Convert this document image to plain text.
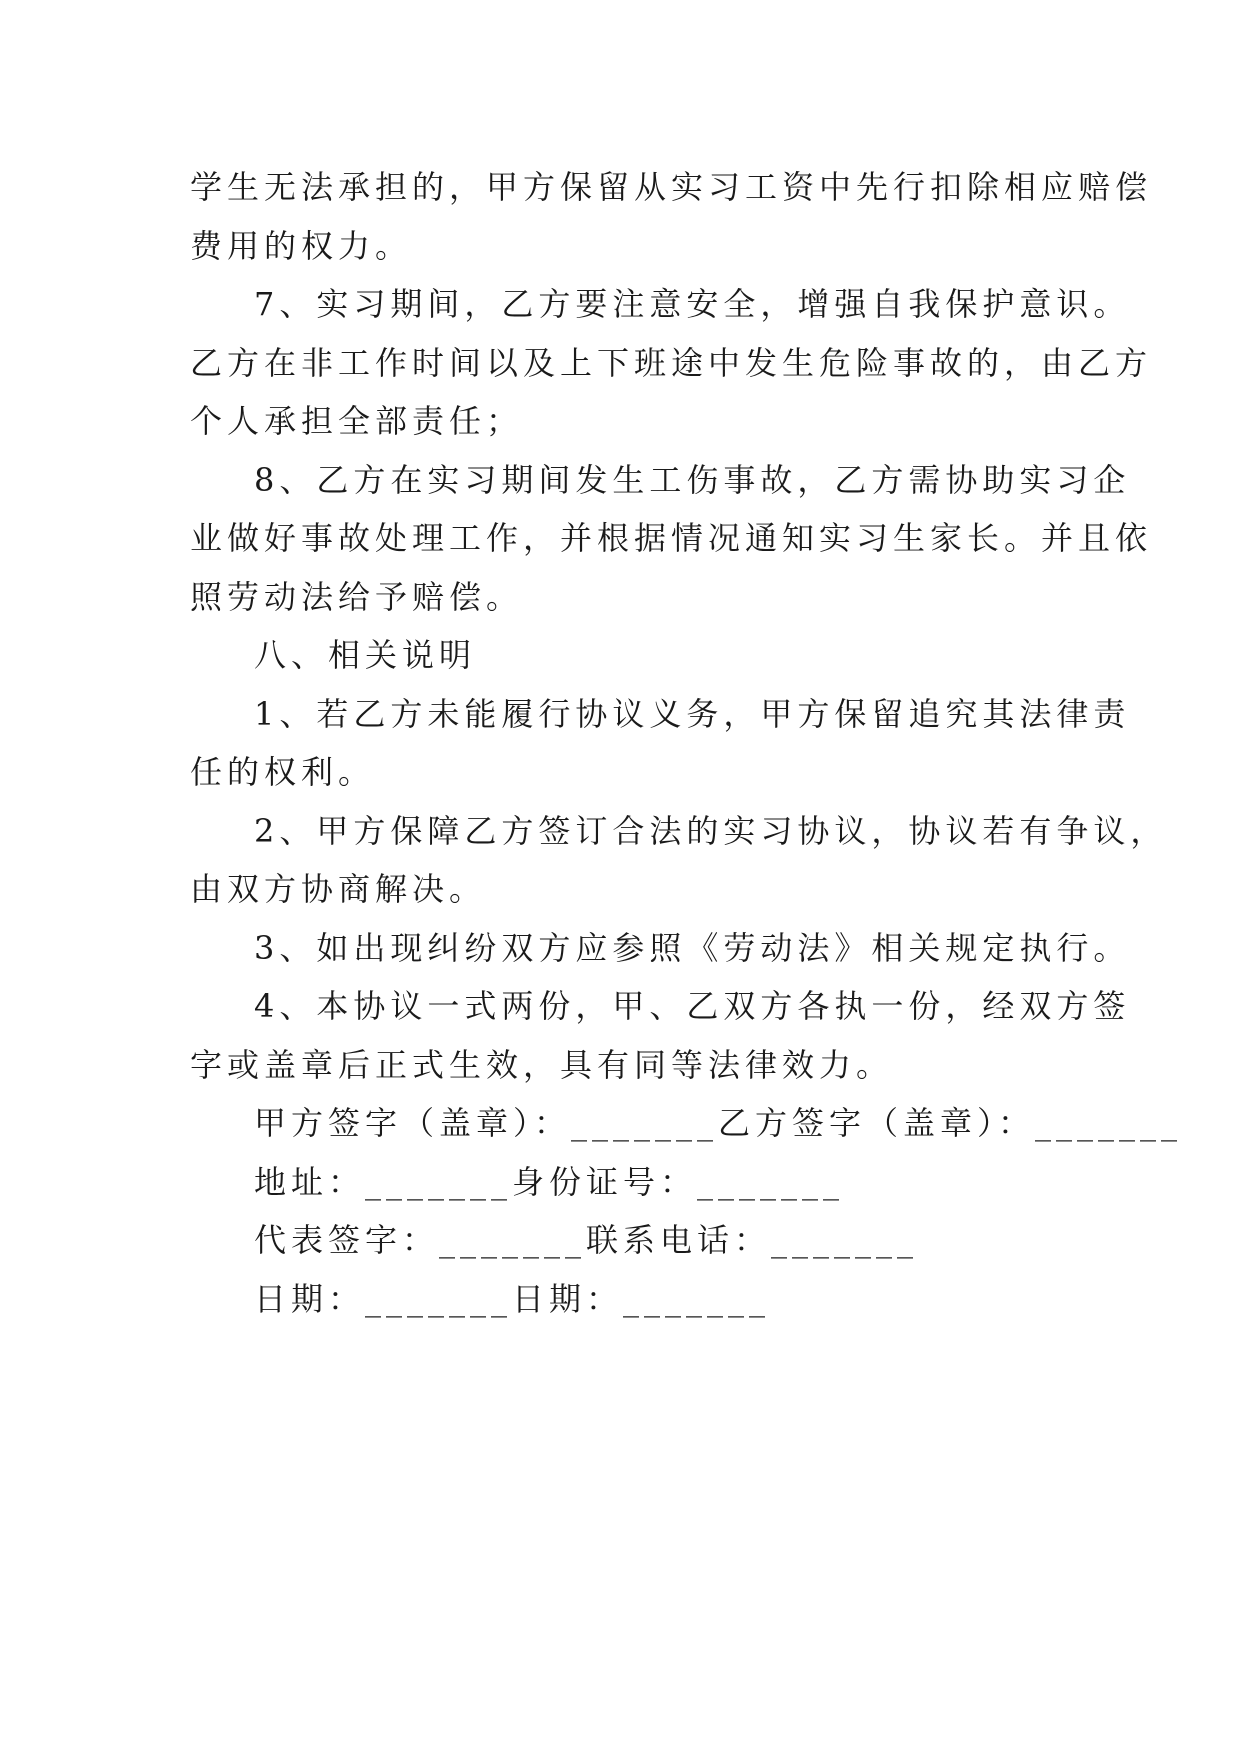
学生无法承担的，甲方保留从实习工资中先行扣除相应赔偿
费用的权力。
7、实习期间，乙方要注意安全，增强自我保护意识。
乙方在非工作时间以及上下班途中发生危险事故的，由乙方
个人承担全部责任；
8、乙方在实习期间发生工伤事故，乙方需协助实习企
业做好事故处理工作，并根据情况通知实习生家长。并且依
照劳动法给予赔偿。
八、相关说明
1、若乙方未能履行协议义务，甲方保留追究其法律责
任的权利。
2、甲方保障乙方签订合法的实习协议，协议若有争议，
由双方协商解决。
3、如出现纠纷双方应参照《劳动法》相关规定执行。
4、本协议一式两份，甲、乙双方各执一份，经双方签
字或盖章后正式生效，具有同等法律效力。
甲方签字（盖章）：_______乙方签字（盖章）：_______
地址：_______身份证号：_______
代表签字：_______联系电话：_______
日期：_______日期：_______
